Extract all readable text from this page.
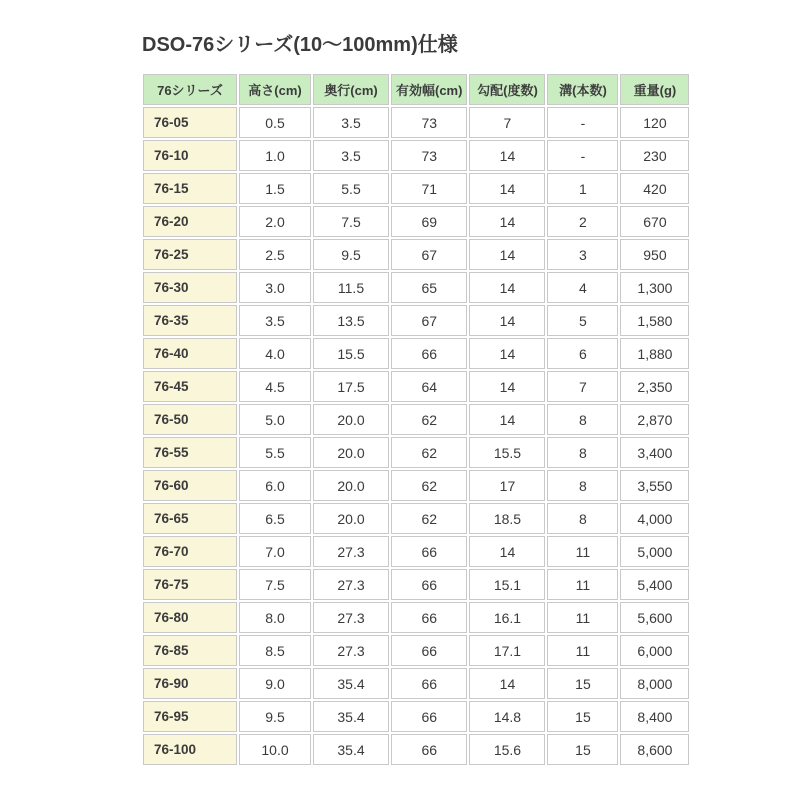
DSO-76シリーズ(10〜100mm)仕様
76シリーズ	高さ(cm)	奥行(cm)	有効幅(cm)	勾配(度数)	溝(本数)	重量(g)
76-05	0.5	3.5	73	7	-	120
76-10	1.0	3.5	73	14	-	230
76-15	1.5	5.5	71	14	1	420
76-20	2.0	7.5	69	14	2	670
76-25	2.5	9.5	67	14	3	950
76-30	3.0	11.5	65	14	4	1,300
76-35	3.5	13.5	67	14	5	1,580
76-40	4.0	15.5	66	14	6	1,880
76-45	4.5	17.5	64	14	7	2,350
76-50	5.0	20.0	62	14	8	2,870
76-55	5.5	20.0	62	15.5	8	3,400
76-60	6.0	20.0	62	17	8	3,550
76-65	6.5	20.0	62	18.5	8	4,000
76-70	7.0	27.3	66	14	11	5,000
76-75	7.5	27.3	66	15.1	11	5,400
76-80	8.0	27.3	66	16.1	11	5,600
76-85	8.5	27.3	66	17.1	11	6,000
76-90	9.0	35.4	66	14	15	8,000
76-95	9.5	35.4	66	14.8	15	8,400
76-100	10.0	35.4	66	15.6	15	8,600
